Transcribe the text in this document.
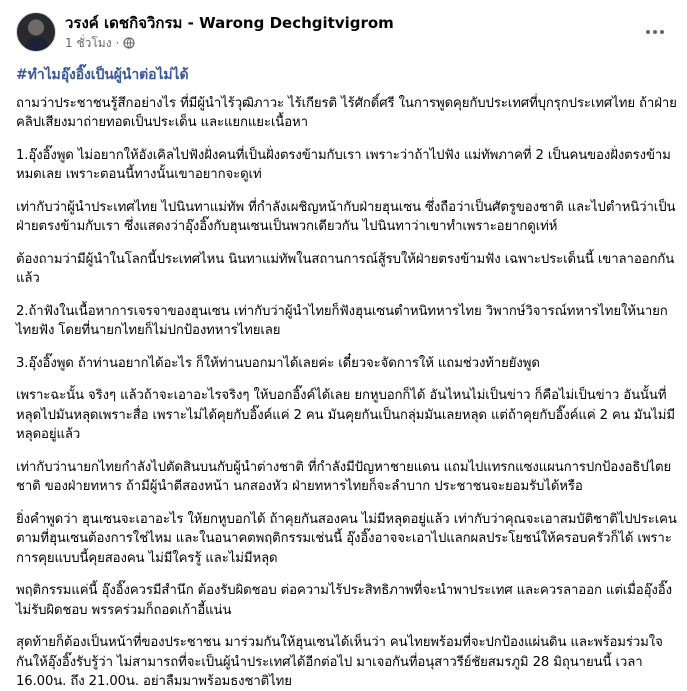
วรงค์ เดชกิจวิกรม - Warong Dechgitvigrom
1 ชั่วโมง ·
#ทำไมอุ๊งอิ๊งเป็นผู้นำต่อไม่ได้
ถามว่าประชาชนรู้สึกอย่างไร ที่มีผู้นำไร้วุฒิภาวะ ไร้เกียรติ ไร้ศักดิ์ศรี ในการพูดคุยกับประเทศที่บุกรุกประเทศไทย ถ้าฝ่ายคลิปเสียงมาถ่ายทอดเป็นประเด็น และแยกแยะเนื้อหา
1.อุ๊งอิ๊งพูด ไม่อยากให้อังเคิลไปฟังฝั่งคนที่เป็นฝั่งตรงข้ามกับเรา เพราะว่าถ้าไปฟัง แม่ทัพภาคที่ 2 เป็นคนของฝั่งตรงข้ามหมดเลย เพราะตอนนี้ทางนั้นเขาอยากจะดูเท่
เท่ากับว่าผู้นำประเทศไทย ไปนินทาแม่ทัพ ที่กำลังเผชิญหน้ากับฝ่ายฮุนเซน ซึ่งถือว่าเป็นศัตรูของชาติ และไปตำหนิว่าเป็นฝ่ายตรงข้ามกับเรา ซึ่งแสดงว่าอุ๊งอิ๊งกับฮุนเซนเป็นพวกเดียวกัน ไปนินทาว่าเขาทำเพราะอยากดูเท่ห์
ต้องถามว่ามีผู้นำในโลกนี้ประเทศไหน นินทาแม่ทัพในสถานการณ์สู้รบให้ฝ่ายตรงข้ามฟัง เฉพาะประเด็นนี้ เขาลาออกกันแล้ว
2.ถ้าฟังในเนื้อหาการเจรจาของฮุนเซน เท่ากับว่าผู้นำไทยก็ฟังฮุนเซนตำหนิทหารไทย วิพากษ์วิจารณ์ทหารไทยให้นายกไทยฟัง โดยที่นายกไทยก็ไม่ปกป้องทหารไทยเลย
3.อุ๊งอิ๊งพูด ถ้าท่านอยากได้อะไร ก็ให้ท่านบอกมาได้เลยค่ะ เดี๋ยวจะจัดการให้ แถมช่วงท้ายยังพูด
เพราะฉะนั้น จริงๆ แล้วถ้าจะเอาอะไรจริงๆ ให้บอกอิ๊งค์ได้เลย ยกหูบอกก็ได้ อันไหนไม่เป็นข่าว ก็คือไม่เป็นข่าว อันนั้นที่หลุดไปมันหลุดเพราะสื่อ เพราะไม่ได้คุยกับอิ๊งค์แค่ 2 คน มันคุยกันเป็นกลุ่มมันเลยหลุด แต่ถ้าคุยกับอิ๊งค์แค่ 2 คน มันไม่มีหลุดอยู่แล้ว
เท่ากับว่านายกไทยกำลังไปตัดสินบนกับผู้นำต่างชาติ ที่กำลังมีปัญหาชายแดน แถมไปแทรกแซงแผนการปกป้องอธิปไตยชาติ ของฝ่ายทหาร ถ้ามีผู้นำตีสองหน้า นกสองหัว ฝ่ายทหารไทยก็จะลำบาก ประชาชนจะยอมรับได้หรือ
ยิ่งคำพูดว่า ฮุนเซนจะเอาอะไร ให้ยกหูบอกได้ ถ้าคุยกันสองคน ไม่มีหลุดอยู่แล้ว เท่ากับว่าคุณจะเอาสมบัติชาติไปประเคน ตามที่ฮุนเซนต้องการใช่ไหม และในอนาคตพฤติกรรมเช่นนี้ อุ๊งอิ๊งอาจจะเอาไปแลกผลประโยชน์ให้ครอบครัวก็ได้ เพราะการคุยแบบนี้คุยสองคน ไม่มีใครรู้ และไม่มีหลุด
พฤติกรรมแค่นี้ อุ๊งอิ๊งควรมีสำนึก ต้องรับผิดชอบ ต่อความไร้ประสิทธิภาพที่จะนำพาประเทศ และควรลาออก แต่เมื่ออุ๊งอิ๊งไม่รับผิดชอบ พรรคร่วมก็ถอดเก้าอี้แน่น
สุดท้ายก็ต้องเป็นหน้าที่ของประชาชน มาร่วมกันให้ฮุนเซนได้เห็นว่า คนไทยพร้อมที่จะปกป้องแผ่นดิน และพร้อมร่วมใจกันให้อุ๊งอิ๊งรับรู้ว่า ไม่สามารถที่จะเป็นผู้นำประเทศได้อีกต่อไป มาเจอกันที่อนุสาวรีย์ชัยสมรภูมิ 28 มิถุนายนนี้ เวลา 16.00น. ถึง 21.00น. อย่าลืมมาพร้อมธงชาติไทย
